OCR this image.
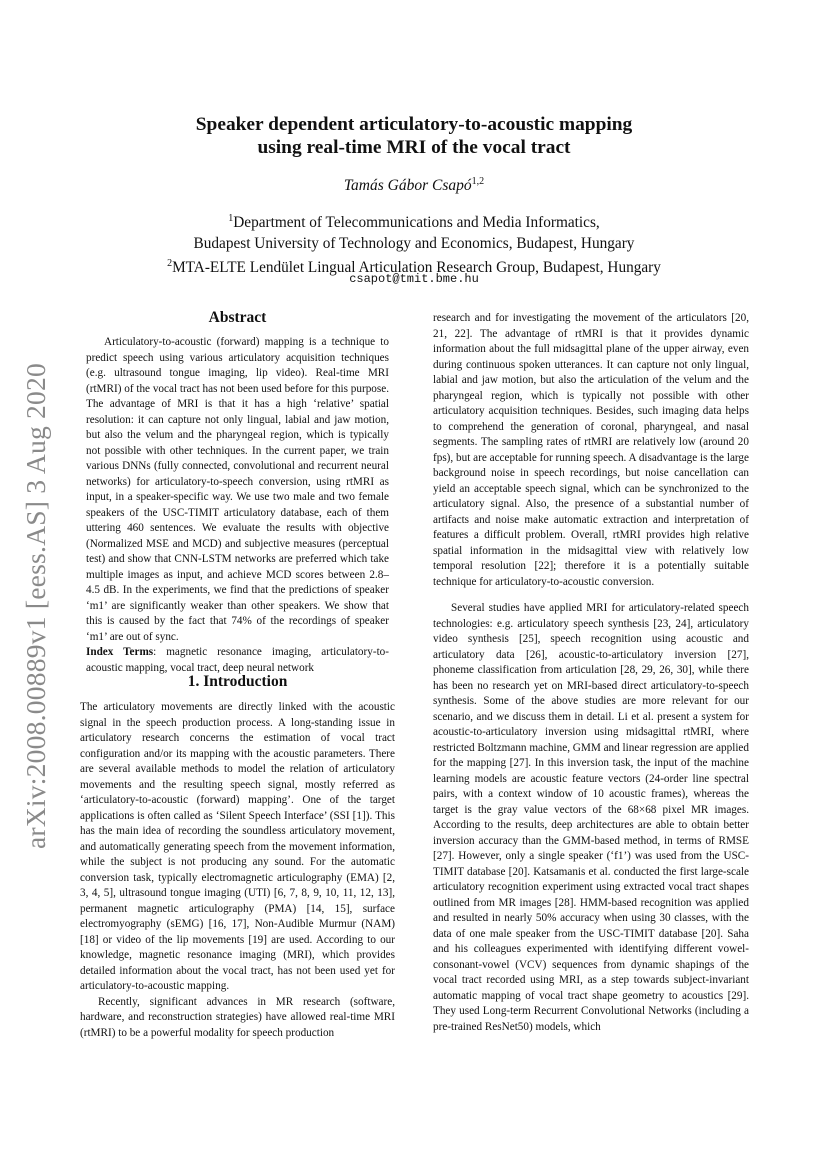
arXiv:2008.00889v1 [eess.AS] 3 Aug 2020
Speaker dependent articulatory-to-acoustic mapping
using real-time MRI of the vocal tract
Tamás Gábor Csapó$^{1,2}$
$^1$Department of Telecommunications and Media Informatics,
Budapest University of Technology and Economics, Budapest, Hungary
$^2$MTA-ELTE Lendület Lingual Articulation Research Group, Budapest, Hungary
csapot@tmit.bme.hu
Abstract

Articulatory-to-acoustic (forward) mapping is a technique to predict speech using various articulatory acquisition techniques (e.g. ultrasound tongue imaging, lip video). Real-time MRI (rtMRI) of the vocal tract has not been used before for this purpose. The advantage of MRI is that it has a high ‘relative’ spatial resolution: it can capture not only lingual, labial and jaw motion, but also the velum and the pharyngeal region, which is typically not possible with other techniques. In the current paper, we train various DNNs (fully connected, convolutional and recurrent neural networks) for articulatory-to-speech conversion, using rtMRI as input, in a speaker-specific way. We use two male and two female speakers of the USC-TIMIT articulatory database, each of them uttering 460 sentences. We evaluate the results with objective (Normalized MSE and MCD) and subjective measures (perceptual test) and show that CNN-LSTM networks are preferred which take multiple images as input, and achieve MCD scores between 2.8–4.5 dB. In the experiments, we find that the predictions of speaker ‘m1’ are significantly weaker than other speakers. We show that this is caused by the fact that 74% of the recordings of speaker ‘m1’ are out of sync.

Index Terms: magnetic resonance imaging, articulatory-to-acoustic mapping, vocal tract, deep neural network

1. Introduction

The articulatory movements are directly linked with the acoustic signal in the speech production process. A long-standing issue in articulatory research concerns the estimation of vocal tract configuration and/or its mapping with the acoustic parameters. There are several available methods to model the relation of articulatory movements and the resulting speech signal, mostly referred as ‘articulatory-to-acoustic (forward) mapping’. One of the target applications is often called as ‘Silent Speech Interface’ (SSI [1]). This has the main idea of recording the soundless articulatory movement, and automatically generating speech from the movement information, while the subject is not producing any sound. For the automatic conversion task, typically electromagnetic articulography (EMA) [2, 3, 4, 5], ultrasound tongue imaging (UTI) [6, 7, 8, 9, 10, 11, 12, 13], permanent magnetic articulography (PMA) [14, 15], surface electromyography (sEMG) [16, 17], Non-Audible Murmur (NAM) [18] or video of the lip movements [19] are used. According to our knowledge, magnetic resonance imaging (MRI), which provides detailed information about the vocal tract, has not been used yet for articulatory-to-acoustic mapping.

Recently, significant advances in MR research (software, hardware, and reconstruction strategies) have allowed real-time MRI (rtMRI) to be a powerful modality for speech production

research and for investigating the movement of the articulators [20, 21, 22]. The advantage of rtMRI is that it provides dynamic information about the full midsagittal plane of the upper airway, even during continuous spoken utterances. It can capture not only lingual, labial and jaw motion, but also the articulation of the velum and the pharyngeal region, which is typically not possible with other articulatory acquisition techniques. Besides, such imaging data helps to comprehend the generation of coronal, pharyngeal, and nasal segments. The sampling rates of rtMRI are relatively low (around 20 fps), but are acceptable for running speech. A disadvantage is the large background noise in speech recordings, but noise cancellation can yield an acceptable speech signal, which can be synchronized to the articulatory signal. Also, the presence of a substantial number of artifacts and noise make automatic extraction and interpretation of features a difficult problem. Overall, rtMRI provides high relative spatial information in the midsagittal view with relatively low temporal resolution [22]; therefore it is a potentially suitable technique for articulatory-to-acoustic conversion.

Several studies have applied MRI for articulatory-related speech technologies: e.g. articulatory speech synthesis [23, 24], articulatory video synthesis [25], speech recognition using acoustic and articulatory data [26], acoustic-to-articulatory inversion [27], phoneme classification from articulation [28, 29, 26, 30], while there has been no research yet on MRI-based direct articulatory-to-speech synthesis. Some of the above studies are more relevant for our scenario, and we discuss them in detail. Li et al. present a system for acoustic-to-articulatory inversion using midsagittal rtMRI, where restricted Boltzmann machine, GMM and linear regression are applied for the mapping [27]. In this inversion task, the input of the machine learning models are acoustic feature vectors (24-order line spectral pairs, with a context window of 10 acoustic frames), whereas the target is the gray value vectors of the 68×68 pixel MR images. According to the results, deep architectures are able to obtain better inversion accuracy than the GMM-based method, in terms of RMSE [27]. However, only a single speaker (‘f1’) was used from the USC-TIMIT database [20]. Katsamanis et al. conducted the first large-scale articulatory recognition experiment using extracted vocal tract shapes outlined from MR images [28]. HMM-based recognition was applied and resulted in nearly 50% accuracy when using 30 classes, with the data of one male speaker from the USC-TIMIT database [20]. Saha and his colleagues experimented with identifying different vowel-consonant-vowel (VCV) sequences from dynamic shapings of the vocal tract recorded using MRI, as a step towards subject-invariant automatic mapping of vocal tract shape geometry to acoustics [29]. They used Long-term Recurrent Convolutional Networks (including a pre-trained ResNet50) models, which
